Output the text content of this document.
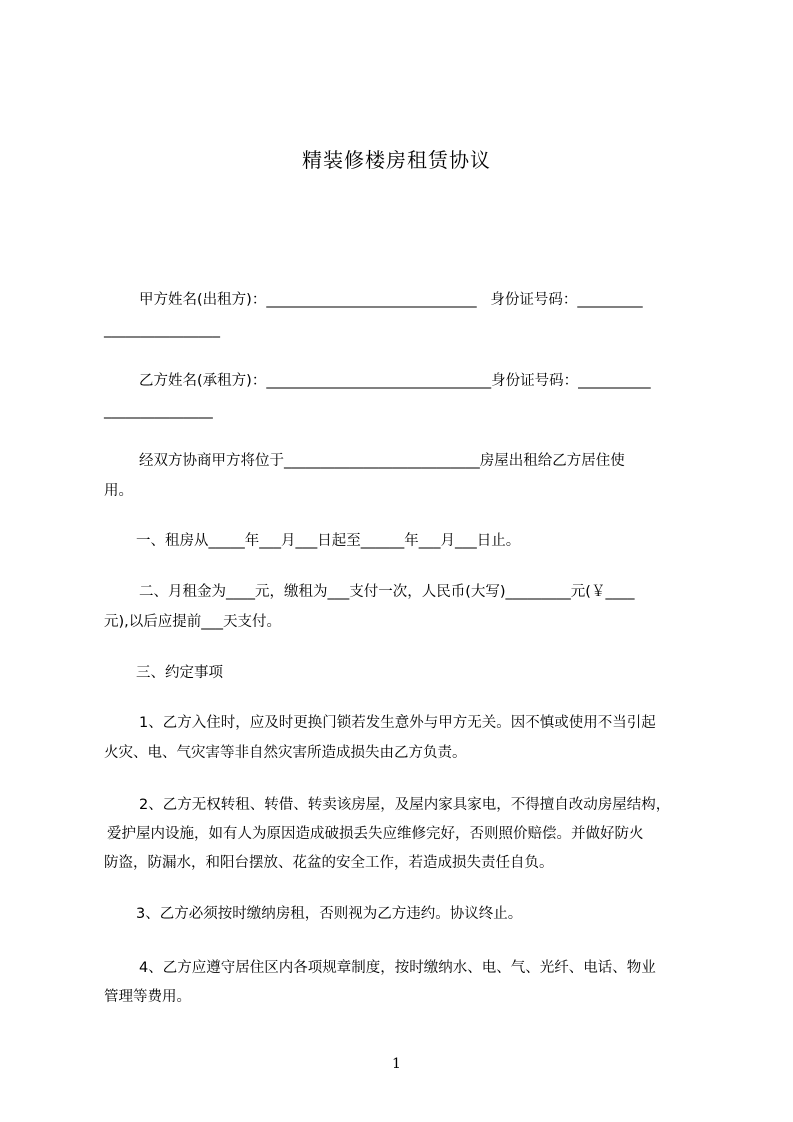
精装修楼房租赁协议
甲方姓名(出租方)：_____________________________   身份证号码：_________
________________
乙方姓名(承租方)：_______________________________身份证号码：__________
_______________
经双方协商甲方将位于___________________________房屋出租给乙方居住使
用。
一、租房从_____年___月___日起至______年___月___日止。
二、月租金为____元，缴租为___支付一次，人民币(大写)_________元(￥____
元),以后应提前___天支付。
三、约定事项
1、乙方入住时，应及时更换门锁若发生意外与甲方无关。因不慎或使用不当引起
火灾、电、气灾害等非自然灾害所造成损失由乙方负责。
2、乙方无权转租、转借、转卖该房屋，及屋内家具家电，不得擅自改动房屋结构，
爱护屋内设施，如有人为原因造成破损丢失应维修完好，否则照价赔偿。并做好防火
防盗，防漏水，和阳台摆放、花盆的安全工作，若造成损失责任自负。
3、乙方必须按时缴纳房租，否则视为乙方违约。协议终止。
4、乙方应遵守居住区内各项规章制度，按时缴纳水、电、气、光纤、电话、物业
管理等费用。
1
